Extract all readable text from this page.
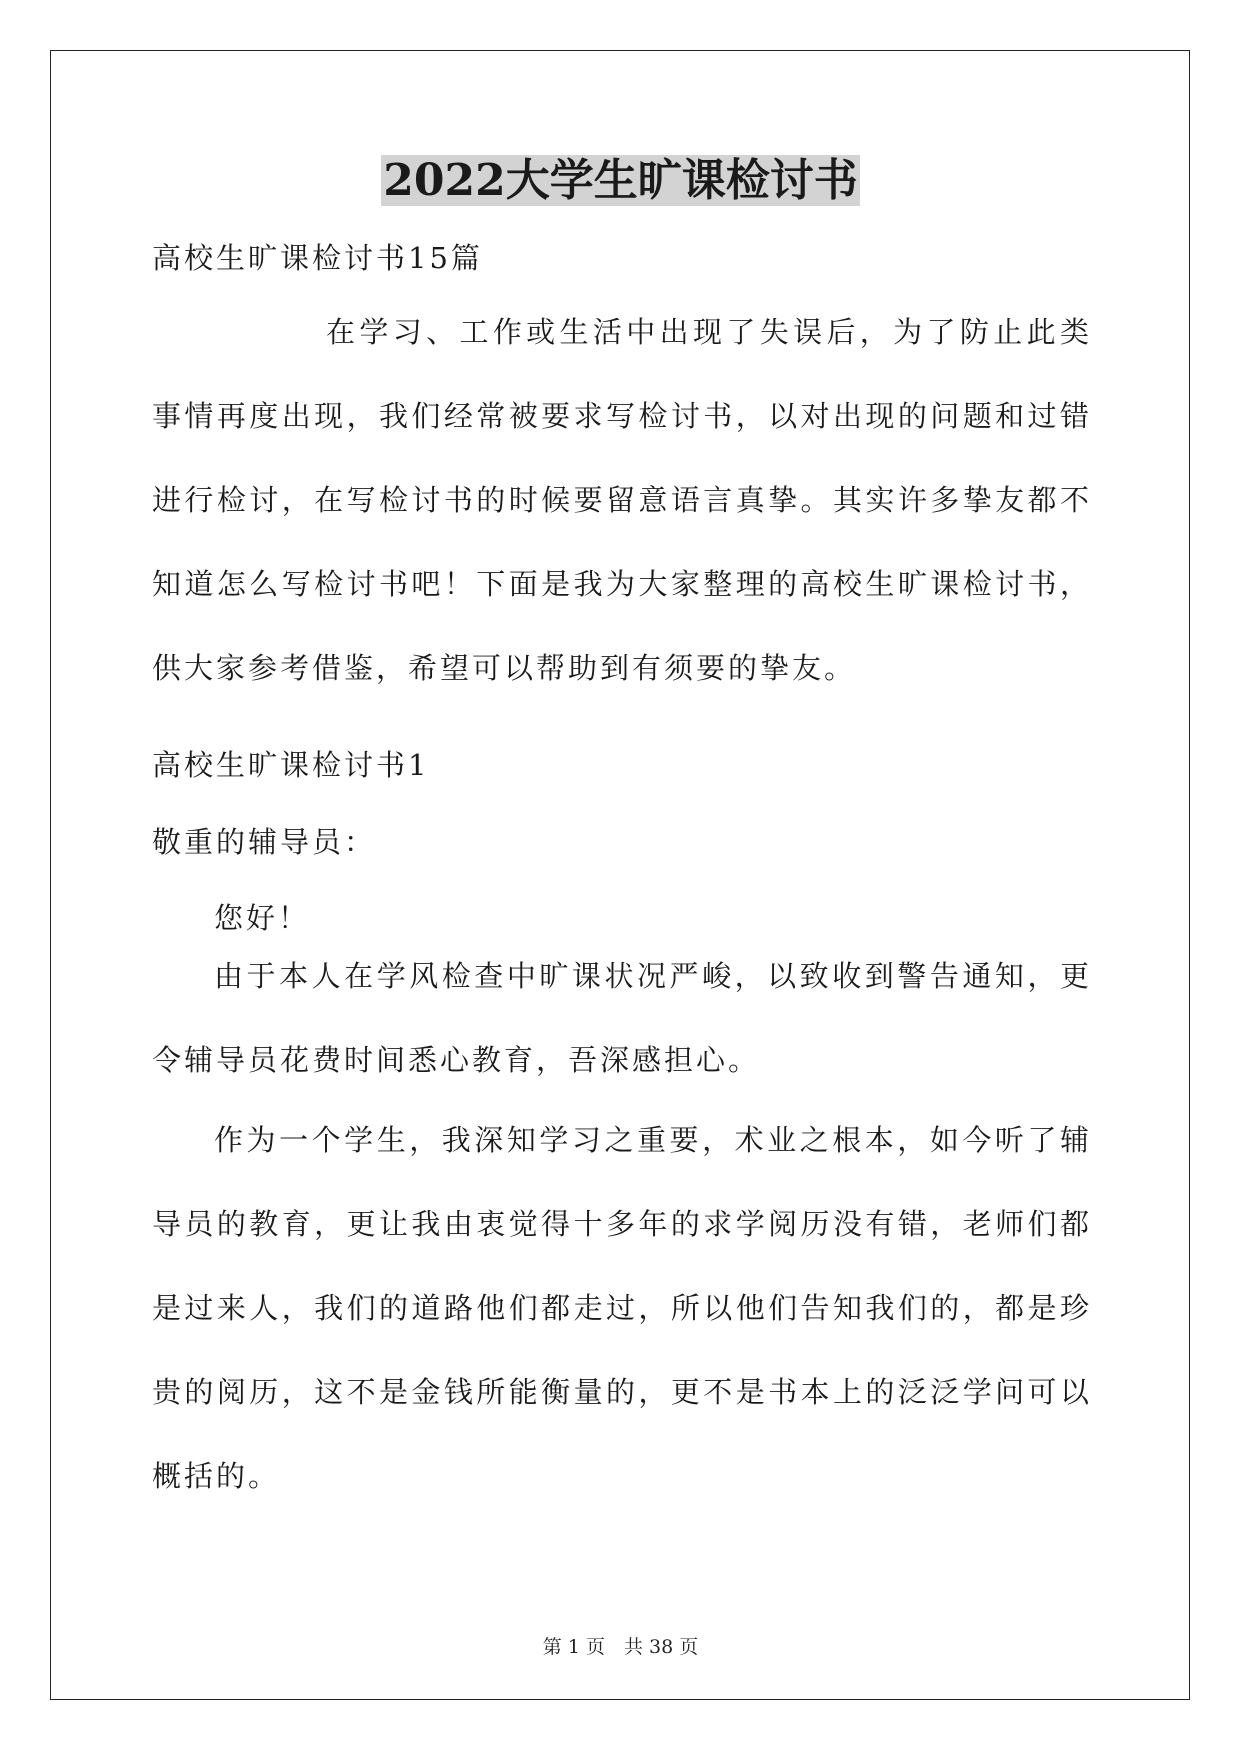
2022大学生旷课检讨书
高校生旷课检讨书15篇
在学习、工作或生活中出现了失误后，为了防止此类事情再度出现，我们经常被要求写检讨书，以对出现的问题和过错进行检讨，在写检讨书的时候要留意语言真挚。其实许多挚友都不知道怎么写检讨书吧！下面是我为大家整理的高校生旷课检讨书，供大家参考借鉴，希望可以帮助到有须要的挚友。
高校生旷课检讨书1
敬重的辅导员：
您好！
由于本人在学风检查中旷课状况严峻，以致收到警告通知，更令辅导员花费时间悉心教育，吾深感担心。
作为一个学生，我深知学习之重要，术业之根本，如今听了辅导员的教育，更让我由衷觉得十多年的求学阅历没有错，老师们都是过来人，我们的道路他们都走过，所以他们告知我们的，都是珍贵的阅历，这不是金钱所能衡量的，更不是书本上的泛泛学问可以概括的。
第 1 页　共 38 页
